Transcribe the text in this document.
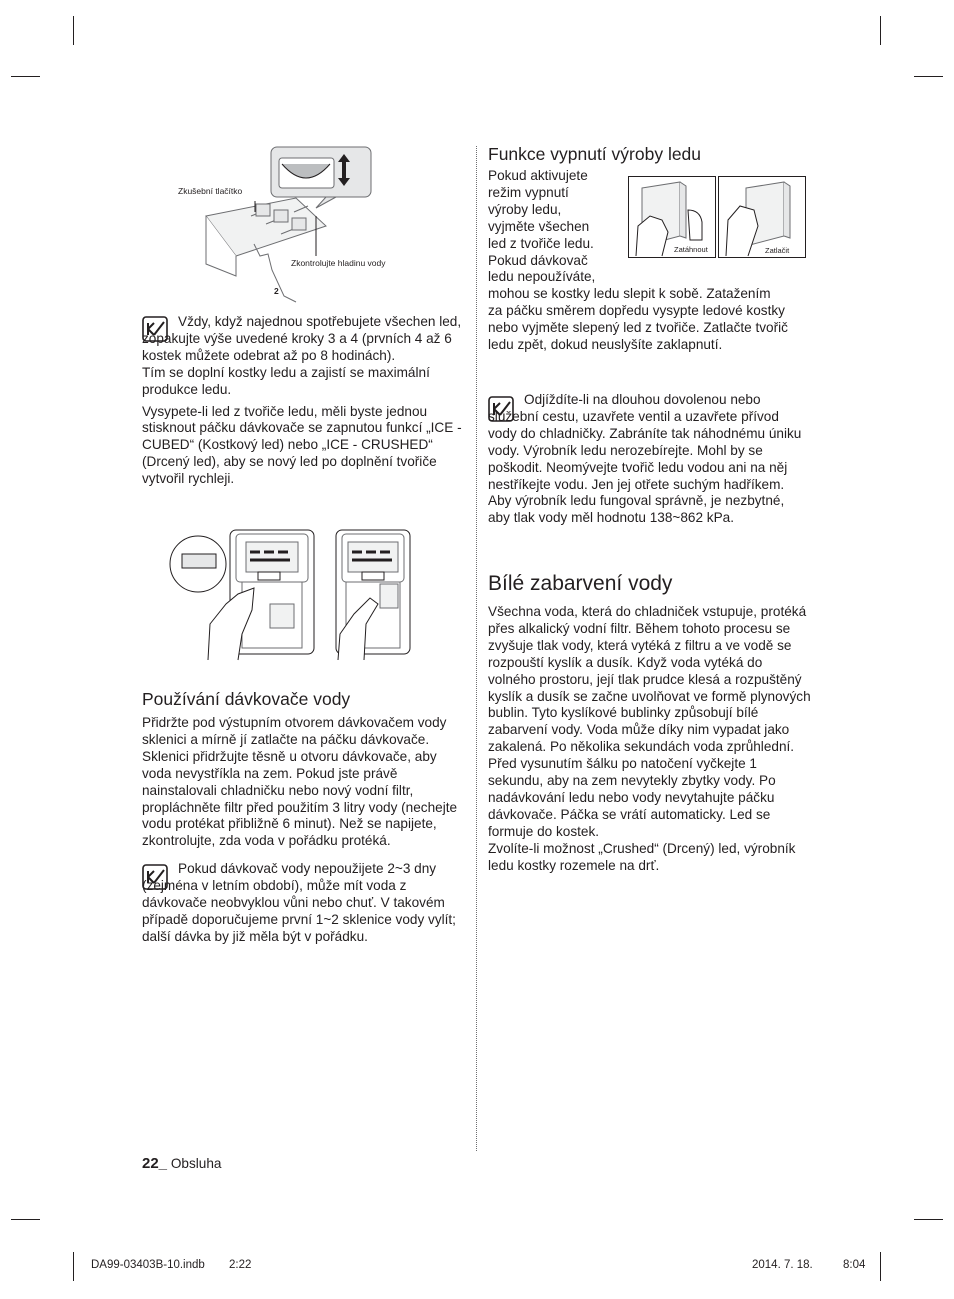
Zkušební tlačítko
Zkontrolujte hladinu vody
2

Vždy, když najednou spotřebujete všechen led, zopakujte výše uvedené kroky 3 a 4 (prvních 4 až 6 kostek můžete odebrat až po 8 hodinách).

Tím se doplní kostky ledu a zajistí se maximální produkce ledu.

Vysypete-li led z tvořiče ledu, měli byste jednou stisknout páčku dávkovače se zapnutou funkcí „ICE - CUBED“ (Kostkový led) nebo „ICE - CRUSHED“ (Drcený led), aby se nový led po doplnění tvořiče vytvořil rychleji.

Používání dávkovače vody
Přidržte pod výstupním otvorem dávkovačem vody sklenici a mírně jí zatlačte na páčku dávkovače. Sklenici přidržujte těsně u otvoru dávkovače, aby voda nevystříkla na zem. Pokud jste právě nainstalovali chladničku nebo nový vodní filtr, propláchněte filtr před použitím 3 litry vody (nechejte vodu protékat přibližně 6 minut). Než se napijete, zkontrolujte, zda voda v pořádku protéká.
Pokud dávkovač vody nepoužijete 2~3 dny (zejména v letním období), může mít voda z dávkovače neobvyklou vůni nebo chuť. V takovém případě doporučujeme první 1~2 sklenice vody vylít; další dávka by již měla být v pořádku.
Funkce vypnutí výroby ledu
Zatáhnout	Zatlačit

Pokud aktivujete režim vypnutí výroby ledu, vyjměte všechen led z tvořiče ledu. Pokud dávkovač ledu nepoužíváte, mohou se kostky ledu slepit k sobě. Zatažením za páčku směrem dopředu vysypte ledové kostky nebo vyjměte slepený led z tvořiče. Zatlačte tvořič ledu zpět, dokud neuslyšíte zaklapnutí.

Odjíždíte-li na dlouhou dovolenou nebo služební cestu, uzavřete ventil a uzavřete přívod vody do chladničky. Zabráníte tak náhodnému úniku vody. Výrobník ledu nerozebírejte. Mohl by se poškodit. Neomývejte tvořič ledu vodou ani na něj nestříkejte vodu. Jen jej otřete suchým hadříkem. Aby výrobník ledu fungoval správně, je nezbytné, aby tlak vody měl hodnotu 138~862 kPa.
Bílé zabarvení vody

Všechna voda, která do chladniček vstupuje, protéká přes alkalický vodní filtr. Během tohoto procesu se zvyšuje tlak vody, která vytéká z filtru a ve vodě se rozpouští kyslík a dusík. Když voda vytéká do volného prostoru, její tlak prudce klesá a rozpuštěný kyslík a dusík se začne uvolňovat ve formě plynových bublin. Tyto kyslíkové bublinky způsobují bílé zabarvení vody. Voda může díky nim vypadat jako zakalená. Po několika sekundách voda zprůhlední.

Před vysunutím šálku po natočení vyčkejte 1 sekundu, aby na zem nevytekly zbytky vody. Po nadávkování ledu nebo vody nevytahujte páčku dávkovače. Páčka se vrátí automaticky. Led se formuje do kostek.

Zvolíte-li možnost „Crushed“ (Drcený) led, výrobník ledu kostky rozemele na drť.

22_ Obsluha
DA99-03403B-10.indb 2:22	2014. 7. 18.	8:04
